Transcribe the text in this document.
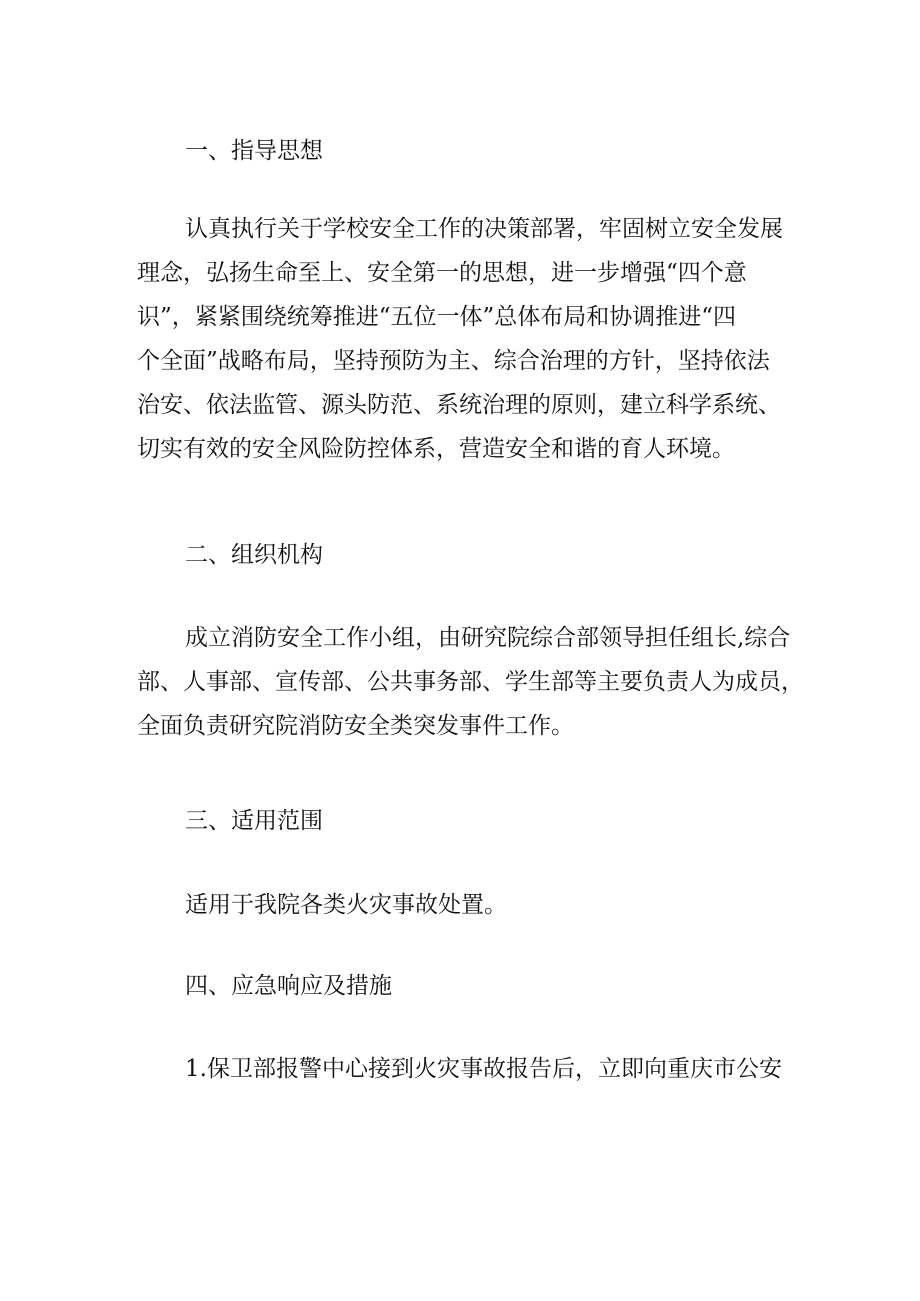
一、指导思想
认真执行关于学校安全工作的决策部署，牢固树立安全发展
理念，弘扬生命至上、安全第一的思想，进一步增强“四个意
识”，紧紧围绕统筹推进“五位一体”总体布局和协调推进“四
个全面”战略布局，坚持预防为主、综合治理的方针，坚持依法
治安、依法监管、源头防范、系统治理的原则，建立科学系统、
切实有效的安全风险防控体系，营造安全和谐的育人环境。
二、组织机构
成立消防安全工作小组，由研究院综合部领导担任组长,综合
部、人事部、宣传部、公共事务部、学生部等主要负责人为成员，
全面负责研究院消防安全类突发事件工作。
三、适用范围
适用于我院各类火灾事故处置。
四、应急响应及措施
1.保卫部报警中心接到火灾事故报告后，立即向重庆市公安
